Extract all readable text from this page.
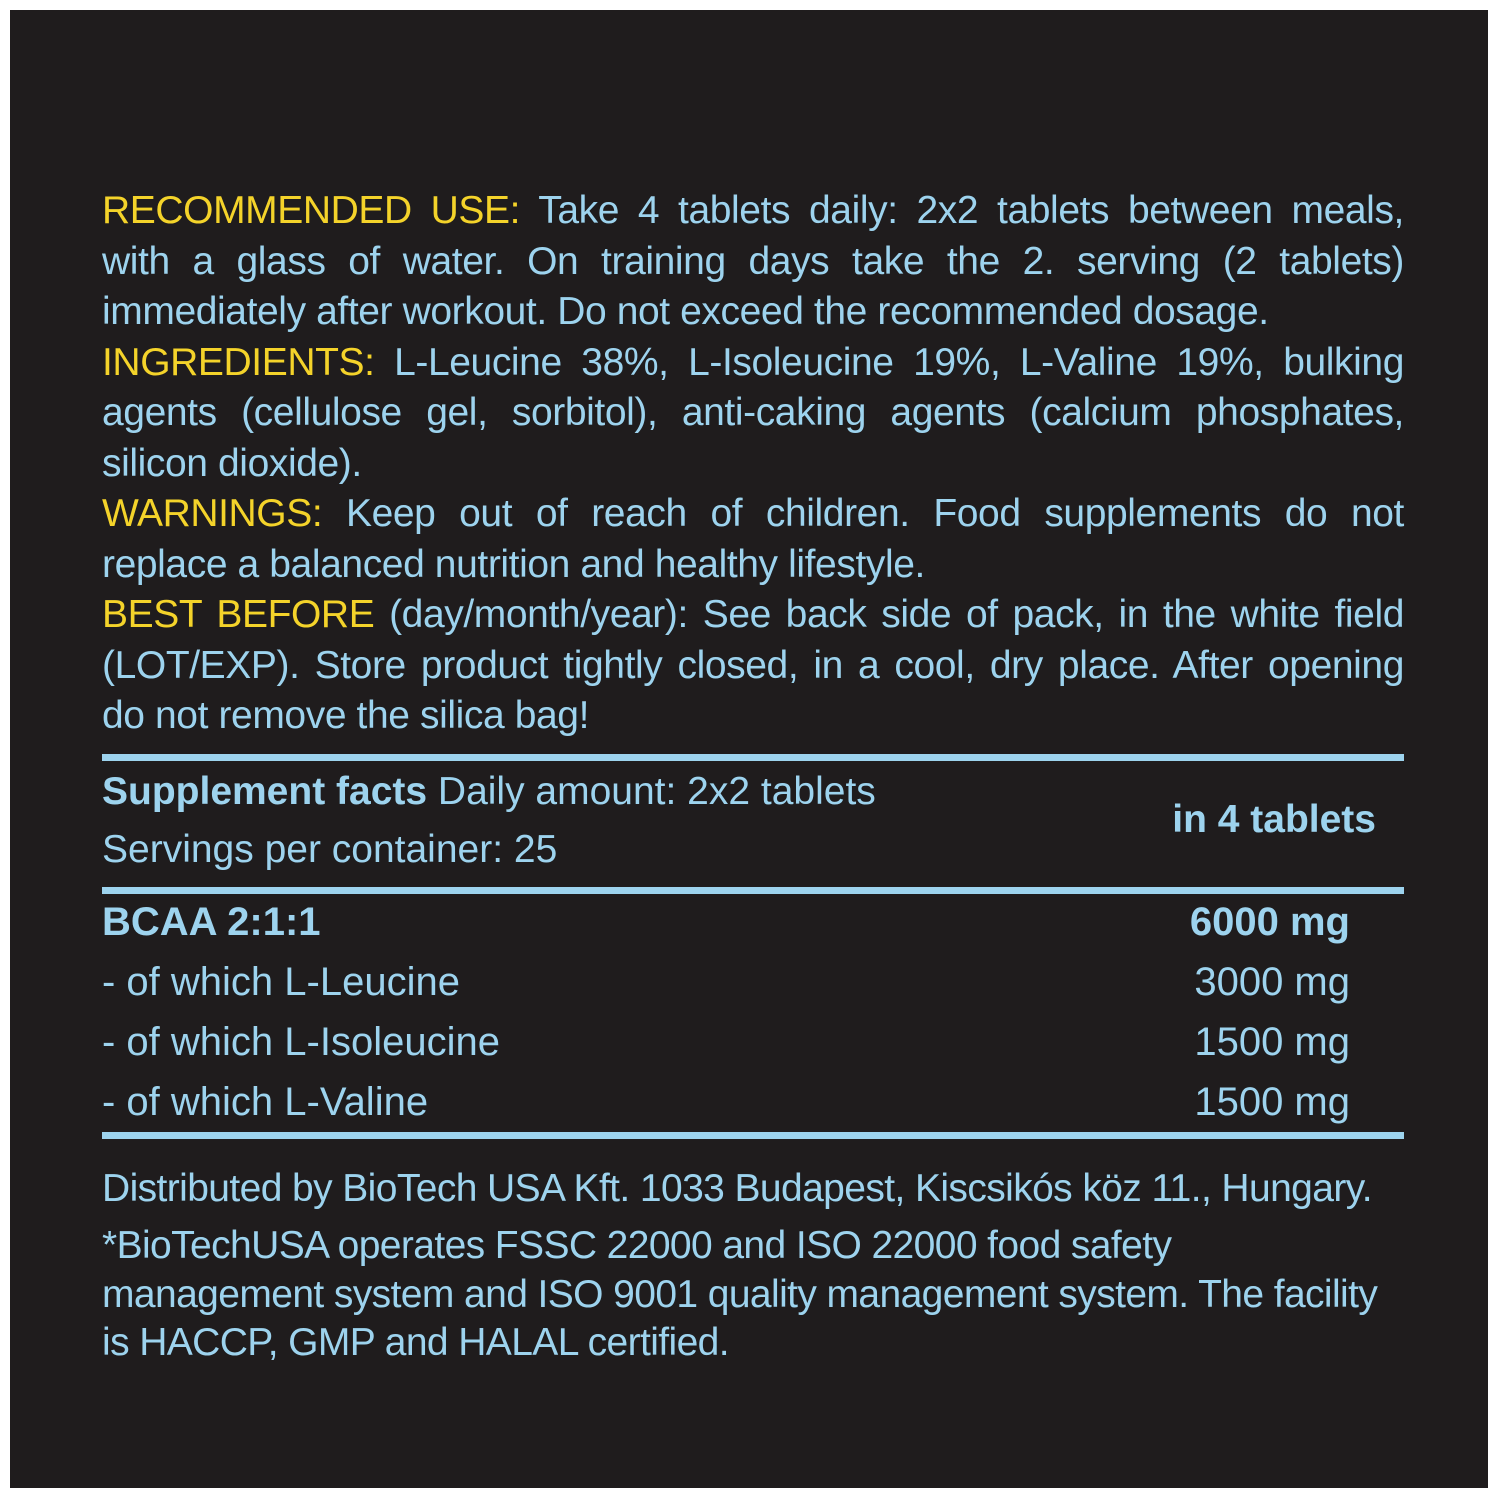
RECOMMENDED USE: Take 4 tablets daily: 2x2 tablets between meals, with a glass of water. On training days take the 2. serving (2 tablets) immediately after workout. Do not exceed the recommended dosage.

INGREDIENTS: L-Leucine 38%, L-Isoleucine 19%, L-Valine 19%, bulking agents (cellulose gel, sorbitol), anti-caking agents (calcium phosphates, silicon dioxide).

WARNINGS: Keep out of reach of children. Food supplements do not replace a balanced nutrition and healthy lifestyle.

BEST BEFORE (day/month/year): See back side of pack, in the white field (LOT/EXP). Store product tightly closed, in a cool, dry place. After opening do not remove the silica bag!

Supplement facts Daily amount: 2x2 tablets
Servings per container: 25
in 4 tablets
BCAA 2:1:1	6000 mg
- of which L-Leucine	3000 mg
- of which L-Isoleucine	1500 mg
- of which L-Valine	1500 mg

Distributed by BioTech USA Kft. 1033 Budapest, Kiscsikós köz 11., Hungary.

*BioTechUSA operates FSSC 22000 and ISO 22000 food safety management system and ISO 9001 quality management system. The facility is HACCP, GMP and HALAL certified.
